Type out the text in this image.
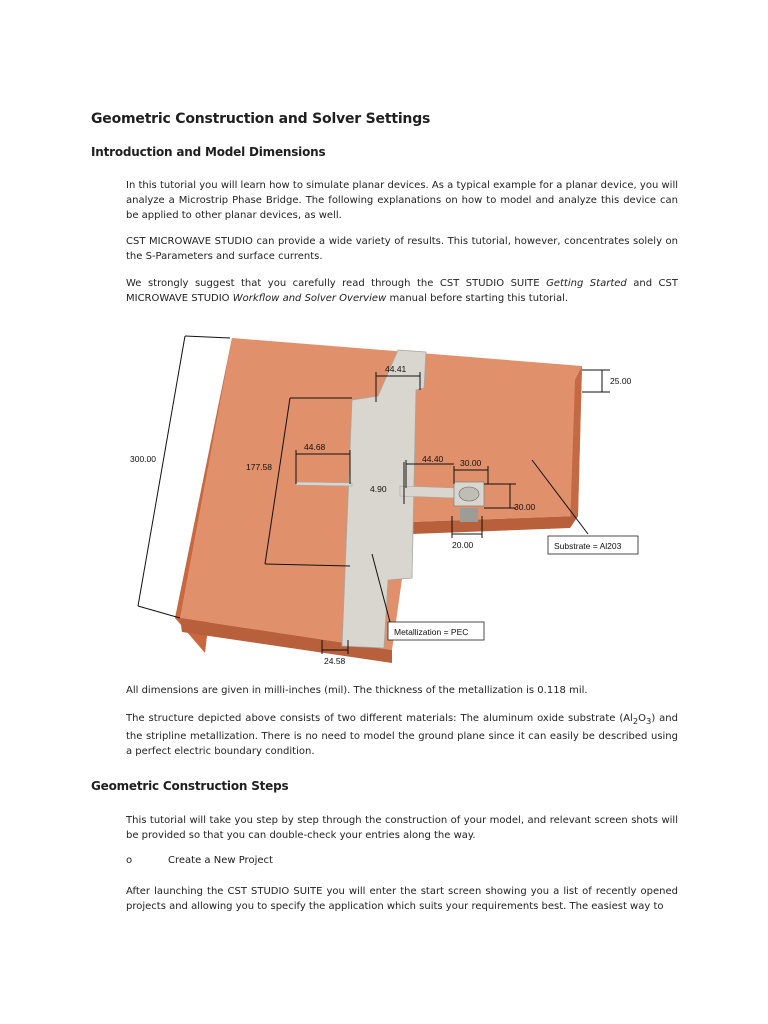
Geometric Construction and Solver Settings
Introduction and Model Dimensions

In this tutorial you will learn how to simulate planar devices. As a typical example for a planar device, you will analyze a Microstrip Phase Bridge. The following explanations on how to model and analyze this device can be applied to other planar devices, as well.

CST MICROWAVE STUDIO can provide a wide variety of results. This tutorial, however, concentrates solely on the S-Parameters and surface currents.

We strongly suggest that you carefully read through the CST STUDIO SUITE Getting Started and CST MICROWAVE STUDIO Workflow and Solver Overview manual before starting this tutorial.

300.00
177.58
44.41
44.68
44.40 30.00
30.00
4.90
25.00
20.00
24.58
Substrate = Al203
Metallization = PEC

All dimensions are given in milli-inches (mil). The thickness of the metallization is 0.118 mil.

The structure depicted above consists of two different materials: The aluminum oxide substrate $(Al_2O_3)$ and the stripline metallization. There is no need to model the ground plane since it can easily be described using a perfect electric boundary condition.

Geometric Construction Steps

This tutorial will take you step by step through the construction of your model, and relevant screen shots will be provided so that you can double-check your entries along the way.

o	Create a New Project

After launching the CST STUDIO SUITE you will enter the start screen showing you a list of recently opened projects and allowing you to specify the application which suits your requirements best. The easiest way to
